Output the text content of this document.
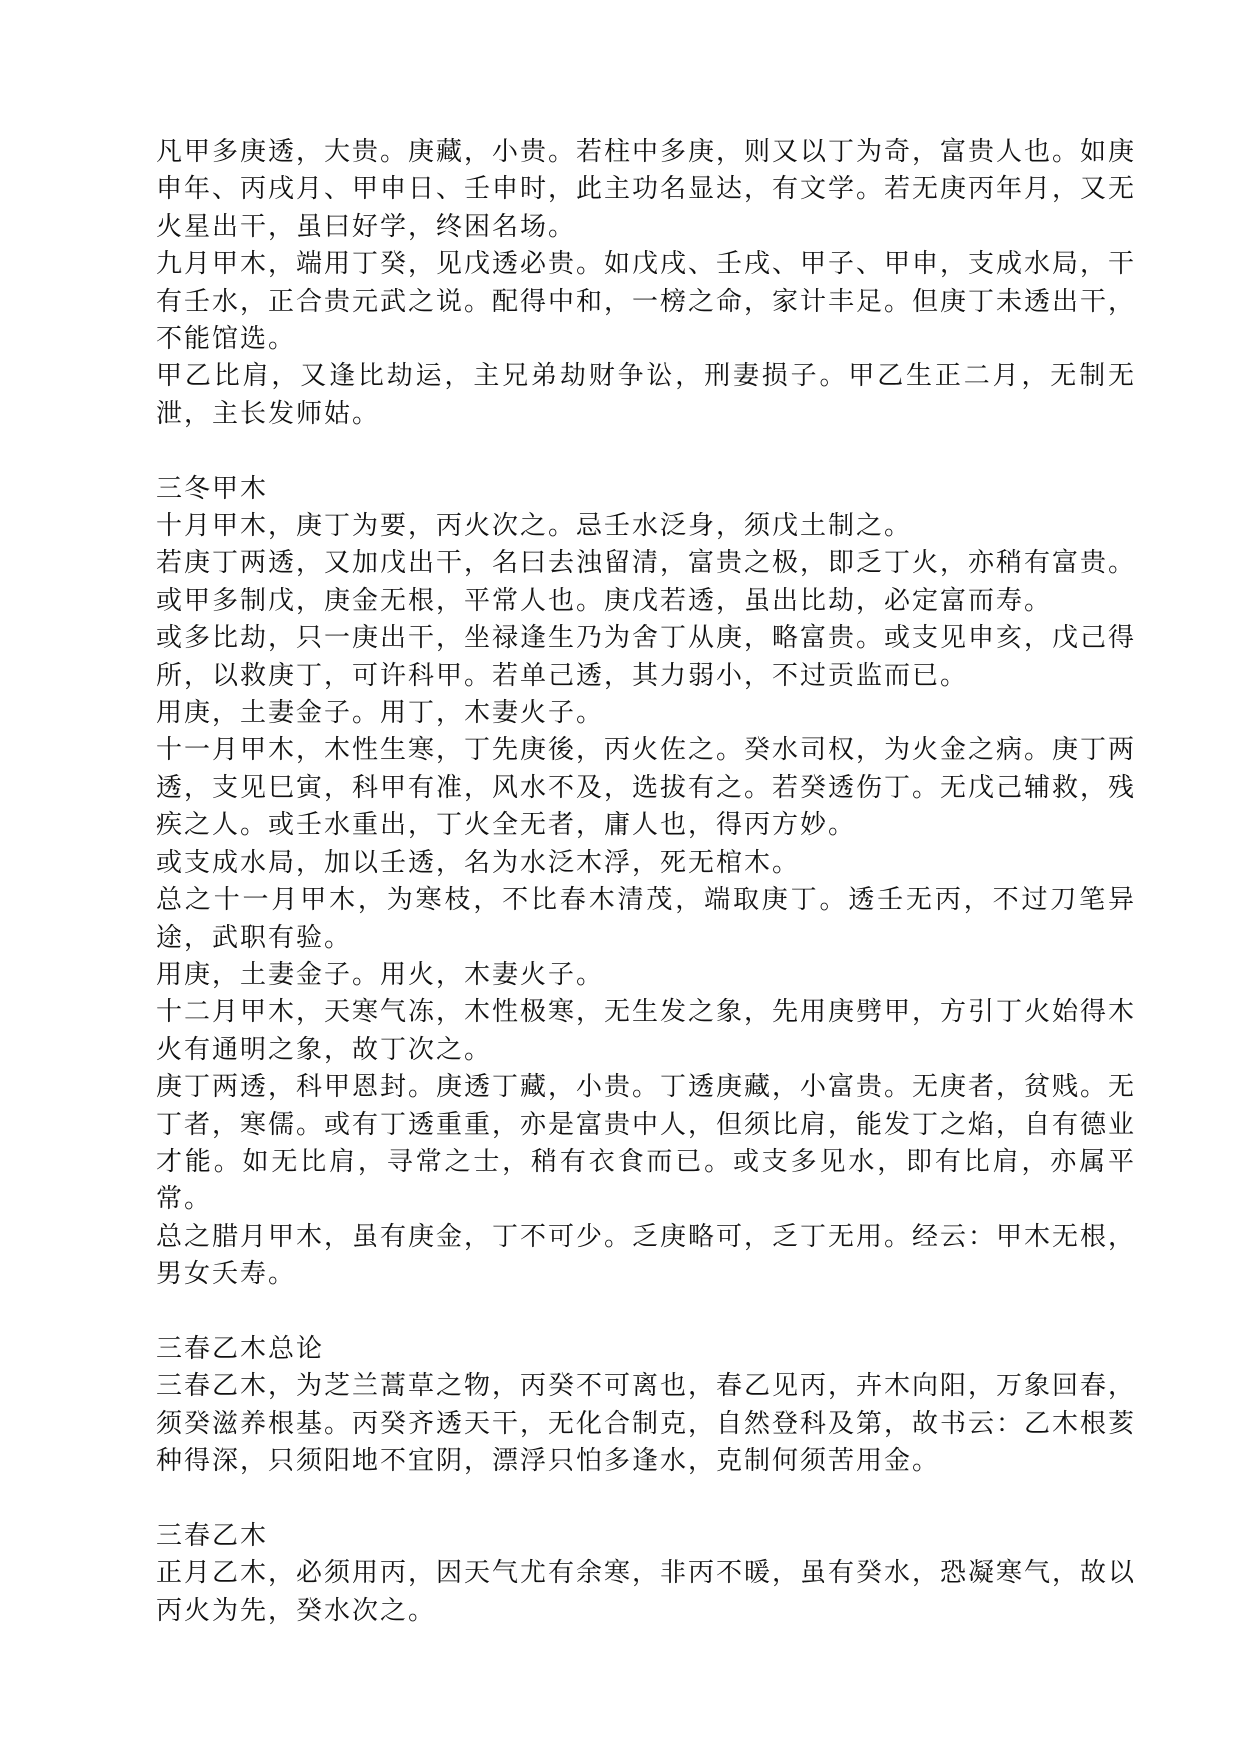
凡甲多庚透，大贵。庚藏，小贵。若柱中多庚，则又以丁为奇，富贵人也。如庚申年、丙戌月、甲申日、壬申时，此主功名显达，有文学。若无庚丙年月，又无火星出干，虽曰好学，终困名场。

九月甲木，端用丁癸，见戊透必贵。如戊戌、壬戌、甲子、甲申，支成水局，干有壬水，正合贵元武之说。配得中和，一榜之命，家计丰足。但庚丁未透出干，不能馆选。

甲乙比肩，又逢比劫运，主兄弟劫财争讼，刑妻损子。甲乙生正二月，无制无泄，主长发师姑。

三冬甲木

十月甲木，庚丁为要，丙火次之。忌壬水泛身，须戊土制之。

若庚丁两透，又加戊出干，名曰去浊留清，富贵之极，即乏丁火，亦稍有富贵。

或甲多制戊，庚金无根，平常人也。庚戊若透，虽出比劫，必定富而寿。

或多比劫，只一庚出干，坐禄逢生乃为舍丁从庚，略富贵。或支见申亥，戊己得所，以救庚丁，可许科甲。若单己透，其力弱小，不过贡监而已。

用庚，土妻金子。用丁，木妻火子。

十一月甲木，木性生寒，丁先庚後，丙火佐之。癸水司权，为火金之病。庚丁两透，支见巳寅，科甲有准，风水不及，选拔有之。若癸透伤丁。无戊己辅救，残疾之人。或壬水重出，丁火全无者，庸人也，得丙方妙。

或支成水局，加以壬透，名为水泛木浮，死无棺木。

总之十一月甲木，为寒枝，不比春木清茂，端取庚丁。透壬无丙，不过刀笔异途，武职有验。

用庚，土妻金子。用火，木妻火子。

十二月甲木，天寒气冻，木性极寒，无生发之象，先用庚劈甲，方引丁火始得木火有通明之象，故丁次之。

庚丁两透，科甲恩封。庚透丁藏，小贵。丁透庚藏，小富贵。无庚者，贫贱。无丁者，寒儒。或有丁透重重，亦是富贵中人，但须比肩，能发丁之焰，自有德业才能。如无比肩，寻常之士，稍有衣食而已。或支多见水，即有比肩，亦属平常。

总之腊月甲木，虽有庚金，丁不可少。乏庚略可，乏丁无用。经云：甲木无根，男女夭寿。

三春乙木总论

三春乙木，为芝兰蒿草之物，丙癸不可离也，春乙见丙，卉木向阳，万象回春，须癸滋养根基。丙癸齐透天干，无化合制克，自然登科及第，故书云：乙木根荄种得深，只须阳地不宜阴，漂浮只怕多逢水，克制何须苦用金。

三春乙木

正月乙木，必须用丙，因天气尤有余寒，非丙不暖，虽有癸水，恐凝寒气，故以丙火为先，癸水次之。
